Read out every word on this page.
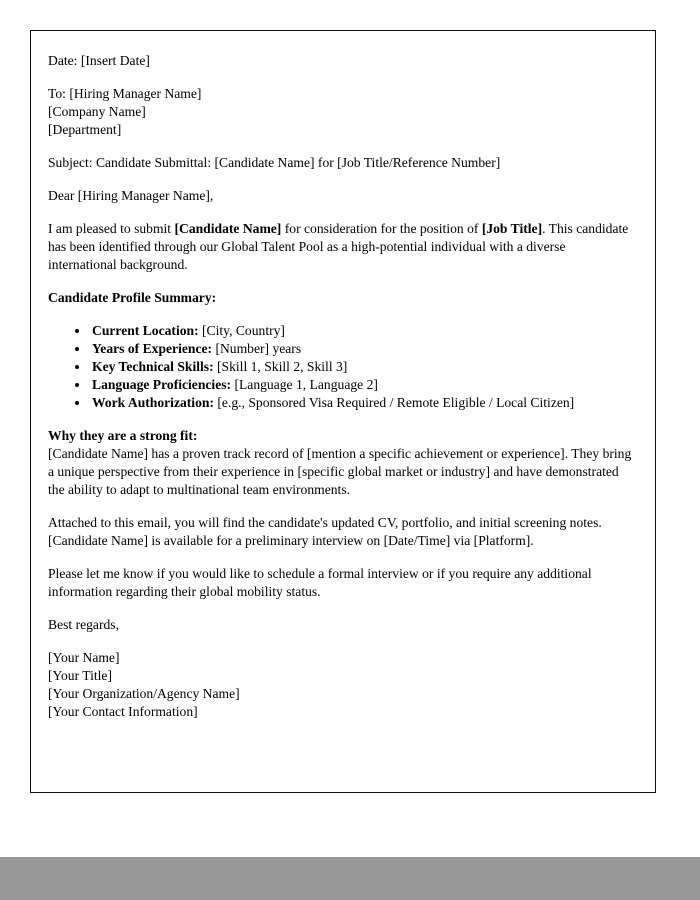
Date: [Insert Date]

To: [Hiring Manager Name]
[Company Name]
[Department]

Subject: Candidate Submittal: [Candidate Name] for [Job Title/Reference Number]

Dear [Hiring Manager Name],

I am pleased to submit [Candidate Name] for consideration for the position of [Job Title]. This candidate has been identified through our Global Talent Pool as a high-potential individual with a diverse international background.

Candidate Profile Summary:

• Current Location: [City, Country]
• Years of Experience: [Number] years
• Key Technical Skills: [Skill 1, Skill 2, Skill 3]
• Language Proficiencies: [Language 1, Language 2]
• Work Authorization: [e.g., Sponsored Visa Required / Remote Eligible / Local Citizen]

Why they are a strong fit:
[Candidate Name] has a proven track record of [mention a specific achievement or experience]. They bring a unique perspective from their experience in [specific global market or industry] and have demonstrated the ability to adapt to multinational team environments.

Attached to this email, you will find the candidate's updated CV, portfolio, and initial screening notes. [Candidate Name] is available for a preliminary interview on [Date/Time] via [Platform].

Please let me know if you would like to schedule a formal interview or if you require any additional information regarding their global mobility status.

Best regards,

[Your Name]
[Your Title]
[Your Organization/Agency Name]
[Your Contact Information]
